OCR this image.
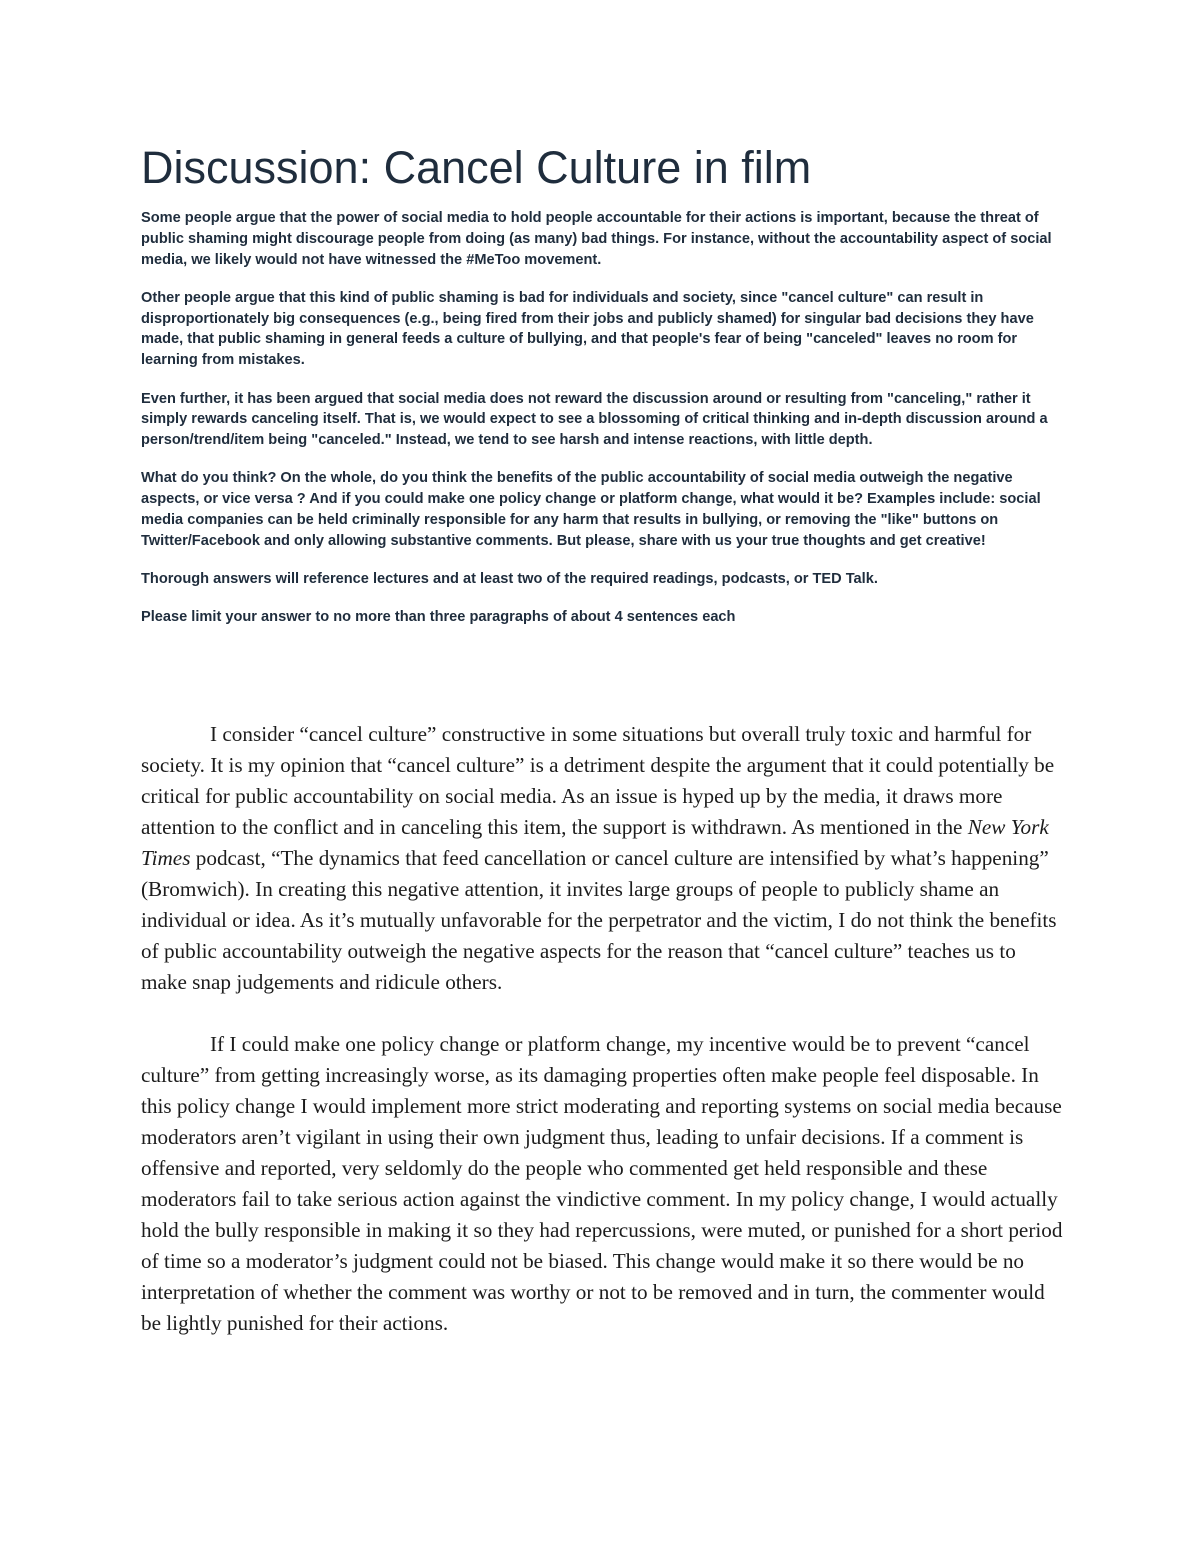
Discussion: Cancel Culture in film

Some people argue that the power of social media to hold people accountable for their actions is important, because the threat of public shaming might discourage people from doing (as many) bad things. For instance, without the accountability aspect of social media, we likely would not have witnessed the #MeToo movement.

Other people argue that this kind of public shaming is bad for individuals and society, since "cancel culture" can result in disproportionately big consequences (e.g., being fired from their jobs and publicly shamed) for singular bad decisions they have made, that public shaming in general feeds a culture of bullying, and that people's fear of being "canceled" leaves no room for learning from mistakes.

Even further, it has been argued that social media does not reward the discussion around or resulting from "canceling," rather it simply rewards canceling itself. That is, we would expect to see a blossoming of critical thinking and in-depth discussion around a person/trend/item being "canceled." Instead, we tend to see harsh and intense reactions, with little depth.

What do you think? On the whole, do you think the benefits of the public accountability of social media outweigh the negative aspects, or vice versa ? And if you could make one policy change or platform change, what would it be? Examples include: social media companies can be held criminally responsible for any harm that results in bullying, or removing the "like" buttons on Twitter/Facebook and only allowing substantive comments. But please, share with us your true thoughts and get creative!

Thorough answers will reference lectures and at least two of the required readings, podcasts, or TED Talk.

Please limit your answer to no more than three paragraphs of about 4 sentences each

I consider “cancel culture” constructive in some situations but overall truly toxic and harmful for society. It is my opinion that “cancel culture” is a detriment despite the argument that it could potentially be critical for public accountability on social media. As an issue is hyped up by the media, it draws more attention to the conflict and in canceling this item, the support is withdrawn. As mentioned in the New York Times podcast, “The dynamics that feed cancellation or cancel culture are intensified by what’s happening” (Bromwich). In creating this negative attention, it invites large groups of people to publicly shame an individual or idea. As it’s mutually unfavorable for the perpetrator and the victim, I do not think the benefits of public accountability outweigh the negative aspects for the reason that “cancel culture” teaches us to make snap judgements and ridicule others.

If I could make one policy change or platform change, my incentive would be to prevent “cancel culture” from getting increasingly worse, as its damaging properties often make people feel disposable. In this policy change I would implement more strict moderating and reporting systems on social media because moderators aren’t vigilant in using their own judgment thus, leading to unfair decisions. If a comment is offensive and reported, very seldomly do the people who commented get held responsible and these moderators fail to take serious action against the vindictive comment. In my policy change, I would actually hold the bully responsible in making it so they had repercussions, were muted, or punished for a short period of time so a moderator’s judgment could not be biased. This change would make it so there would be no interpretation of whether the comment was worthy or not to be removed and in turn, the commenter would be lightly punished for their actions.
